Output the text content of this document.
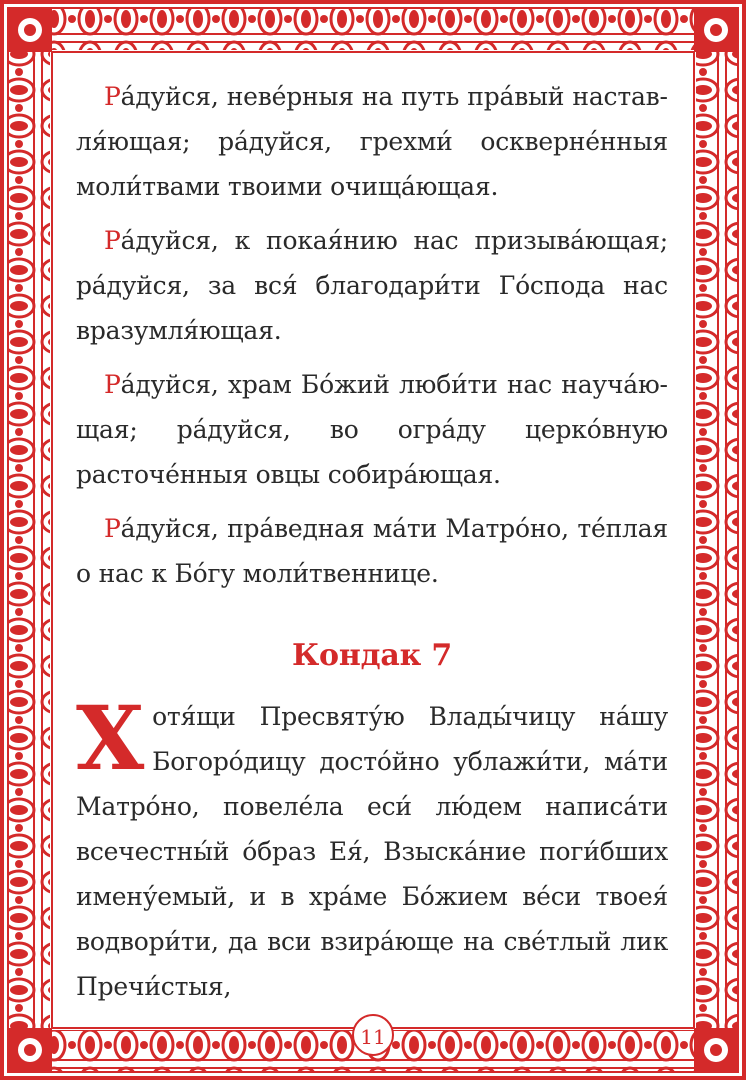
Ра́дуйся, неве́рныя на путь пра́вый наставля́ющая; ра́дуйся, грехми́ оскверне́нныя моли́твами твоими очища́ющая.

Ра́дуйся, к покая́нию нас призыва́ющая; ра́дуйся, за вся́ благодари́ти Го́спода нас вразумля́ющая.

Ра́дуйся, храм Бо́жий люби́ти нас науча́ющая; ра́дуйся, во огра́ду церко́вную расточе́нныя овцы собира́ющая.

Ра́дуйся, пра́ведная ма́ти Матро́но, те́плая о нас к Бо́гу моли́твеннице.

Кондак 7

Хотя́щи Пресвяту́ю Влады́чицу на́шу Богоро́дицу досто́йно ублажи́ти, ма́ти Матро́но, повеле́ла еси́ лю́дем написа́ти всечестны́й о́браз Ея́, Взыска́ние поги́бших имену́емый, и в хра́ме Бо́жием ве́си твоея́ водвори́ти, да вси взира́юще на све́тлый лик Пречи́стыя,

11
